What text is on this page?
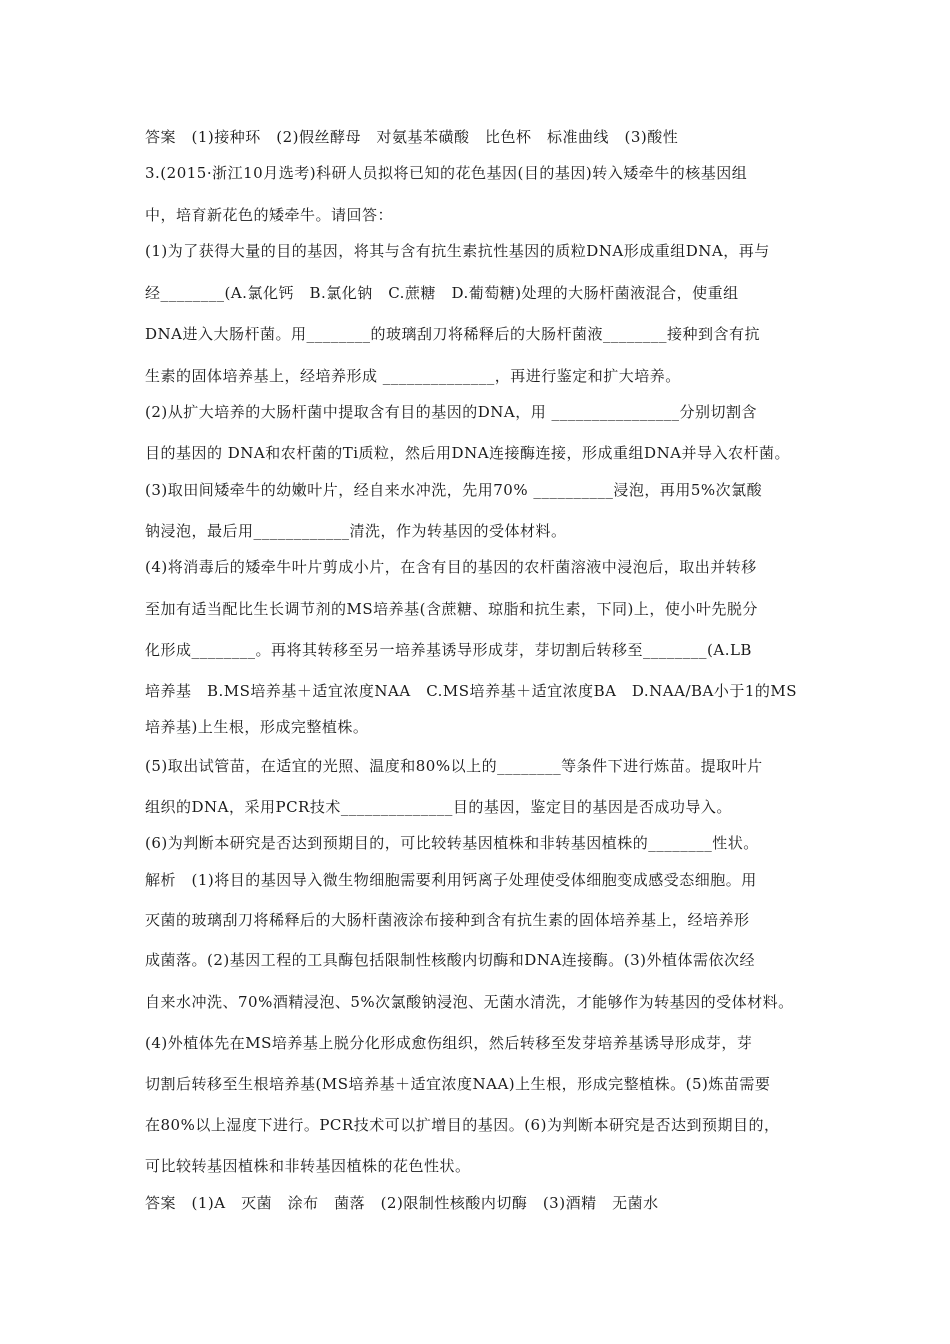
答案　(1)接种环　(2)假丝酵母　对氨基苯磺酸　比色杯　标准曲线　(3)酸性
3.(2015·浙江10月选考)科研人员拟将已知的花色基因(目的基因)转入矮牵牛的核基因组
中，培育新花色的矮牵牛。请回答：
(1)为了获得大量的目的基因，将其与含有抗生素抗性基因的质粒DNA形成重组DNA，再与
经________(A.氯化钙　B.氯化钠　C.蔗糖　D.葡萄糖)处理的大肠杆菌液混合，使重组
DNA进入大肠杆菌。用________的玻璃刮刀将稀释后的大肠杆菌液________接种到含有抗
生素的固体培养基上，经培养形成 ______________，再进行鉴定和扩大培养。
(2)从扩大培养的大肠杆菌中提取含有目的基因的DNA，用 ________________分别切割含
目的基因的 DNA和农杆菌的Ti质粒，然后用DNA连接酶连接，形成重组DNA并导入农杆菌。
(3)取田间矮牵牛的幼嫩叶片，经自来水冲洗，先用70% __________浸泡，再用5%次氯酸
钠浸泡，最后用____________清洗，作为转基因的受体材料。
(4)将消毒后的矮牵牛叶片剪成小片，在含有目的基因的农杆菌溶液中浸泡后，取出并转移
至加有适当配比生长调节剂的MS培养基(含蔗糖、琼脂和抗生素，下同)上，使小叶先脱分
化形成________。再将其转移至另一培养基诱导形成芽，芽切割后转移至________(A.LB
培养基　B.MS培养基＋适宜浓度NAA　C.MS培养基＋适宜浓度BA　D.NAA/BA小于1的MS
培养基)上生根，形成完整植株。
(5)取出试管苗，在适宜的光照、温度和80%以上的________等条件下进行炼苗。提取叶片
组织的DNA，采用PCR技术______________目的基因，鉴定目的基因是否成功导入。
(6)为判断本研究是否达到预期目的，可比较转基因植株和非转基因植株的________性状。
解析　(1)将目的基因导入微生物细胞需要利用钙离子处理使受体细胞变成感受态细胞。用
灭菌的玻璃刮刀将稀释后的大肠杆菌液涂布接种到含有抗生素的固体培养基上，经培养形
成菌落。(2)基因工程的工具酶包括限制性核酸内切酶和DNA连接酶。(3)外植体需依次经
自来水冲洗、70%酒精浸泡、5%次氯酸钠浸泡、无菌水清洗，才能够作为转基因的受体材料。
(4)外植体先在MS培养基上脱分化形成愈伤组织，然后转移至发芽培养基诱导形成芽，芽
切割后转移至生根培养基(MS培养基＋适宜浓度NAA)上生根，形成完整植株。(5)炼苗需要
在80%以上湿度下进行。PCR技术可以扩增目的基因。(6)为判断本研究是否达到预期目的，
可比较转基因植株和非转基因植株的花色性状。
答案　(1)A　灭菌　涂布　菌落　(2)限制性核酸内切酶　(3)酒精　无菌水
